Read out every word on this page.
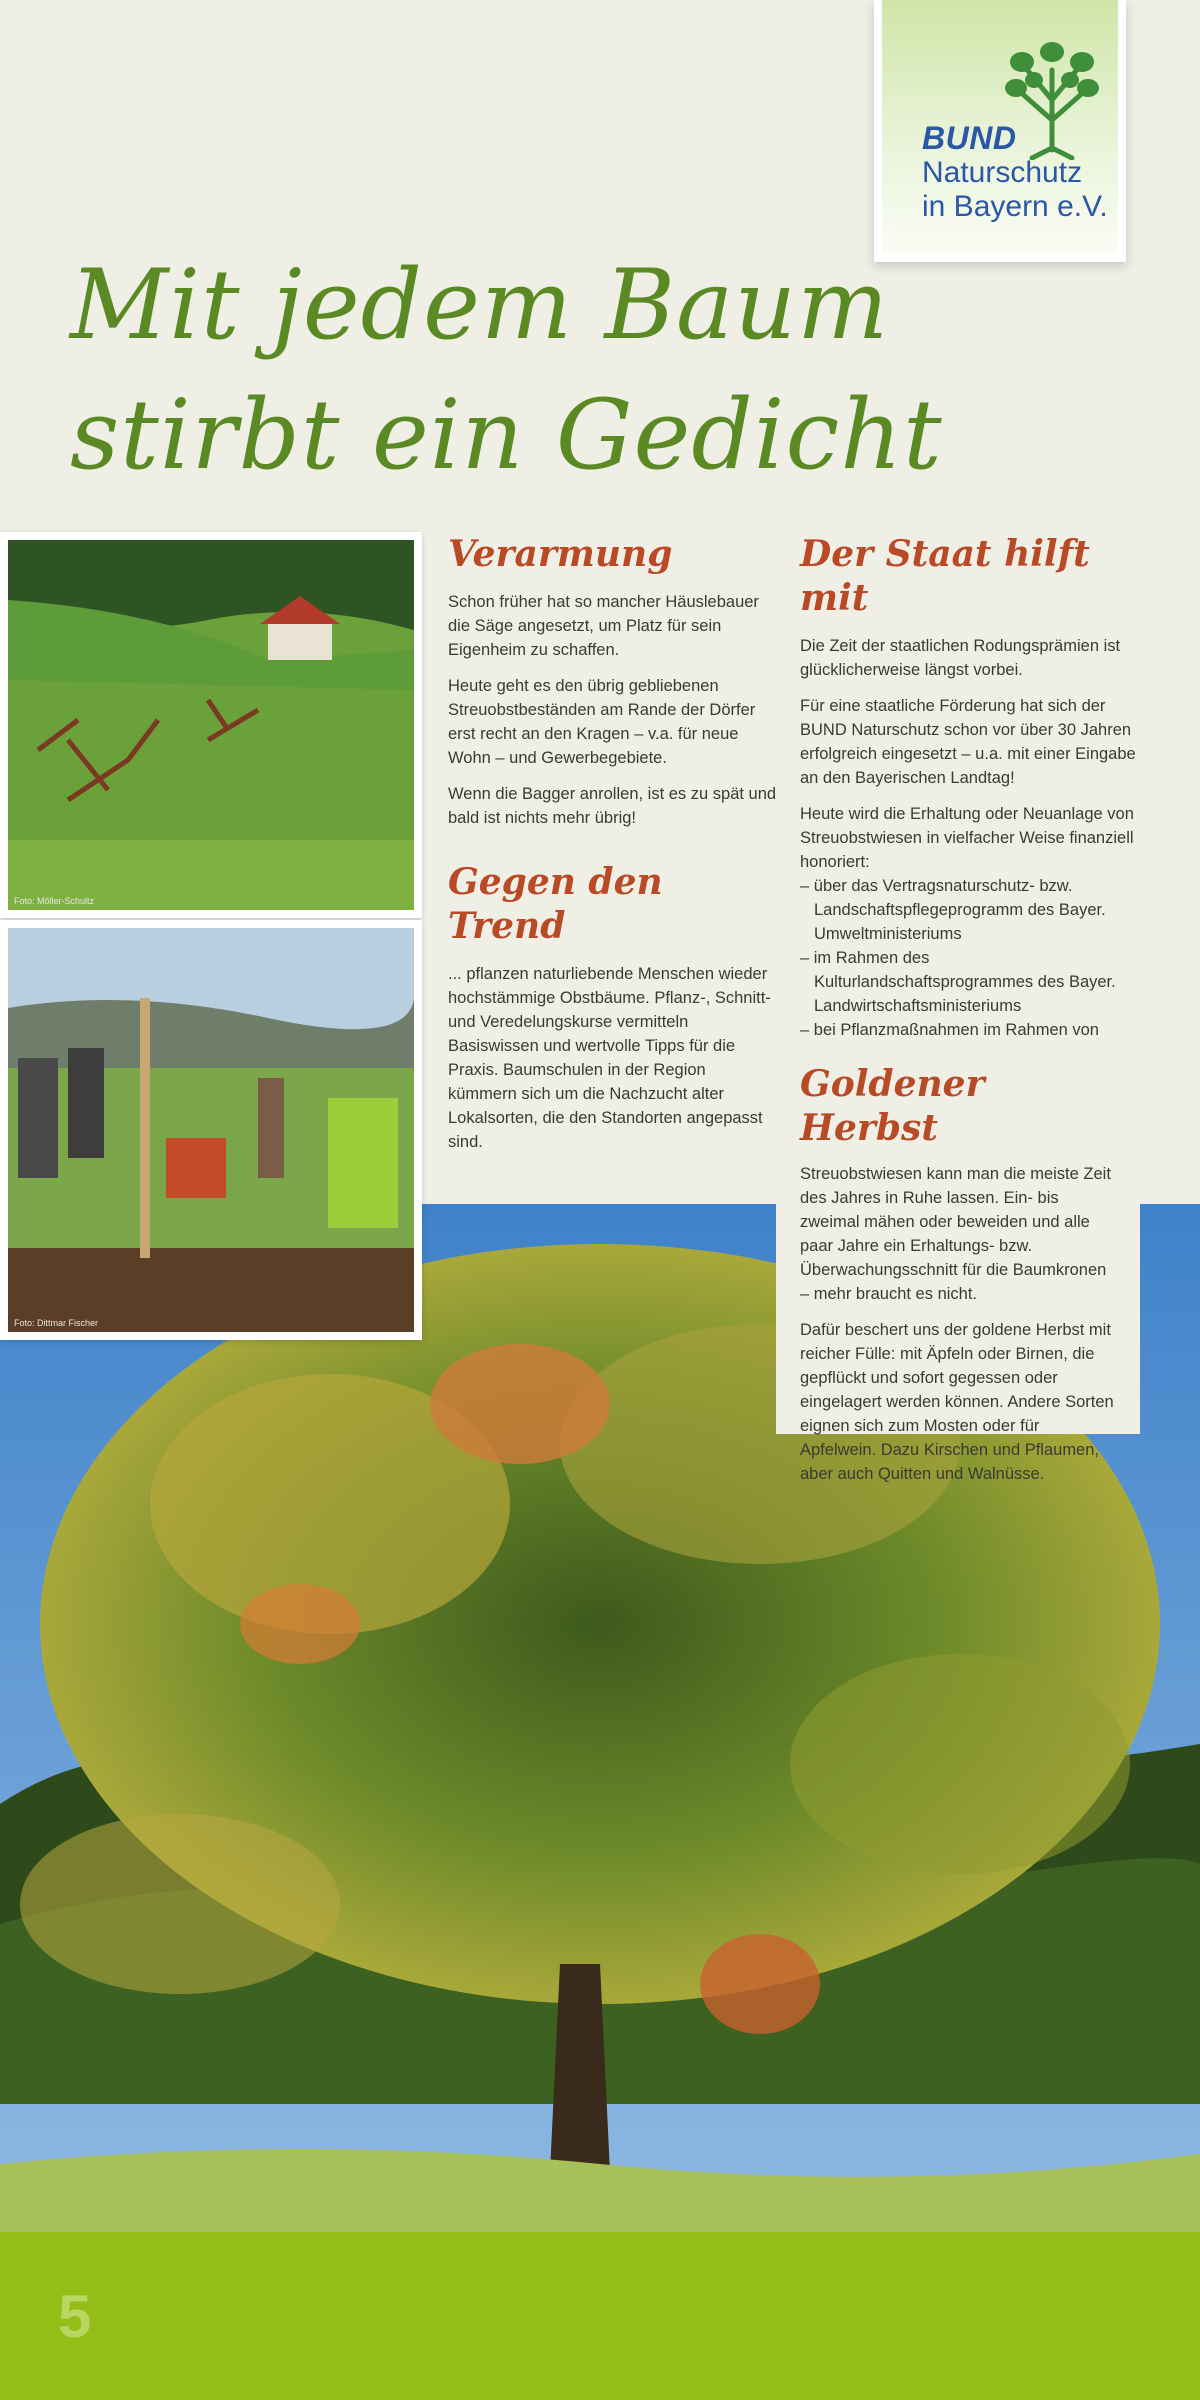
BUND
Naturschutz
in Bayern e.V.
Mit jedem Baum
stirbt ein Gedicht
Foto: Möller-Schultz
Foto: Dittmar Fischer
Verarmung

Schon früher hat so mancher Häuslebauer die Säge angesetzt, um Platz für sein Eigenheim zu schaffen.

Heute geht es den übrig gebliebenen Streuobstbeständen am Rande der Dörfer erst recht an den Kragen – v.a. für neue Wohn – und Gewerbegebiete.

Wenn die Bagger anrollen, ist es zu spät und bald ist nichts mehr übrig!

Gegen den Trend

... pflanzen naturliebende Menschen wieder hochstämmige Obstbäume. Pflanz-, Schnitt- und Veredelungskurse vermitteln Basiswissen und wertvolle Tipps für die Praxis. Baumschulen in der Region kümmern sich um die Nachzucht alter Lokalsorten, die den Standorten angepasst sind.

Der Staat hilft mit

Die Zeit der staatlichen Rodungsprämien ist glücklicherweise längst vorbei.

Für eine staatliche Förderung hat sich der BUND Naturschutz schon vor über 30 Jahren erfolgreich eingesetzt – u.a. mit einer Eingabe an den Bayerischen Landtag!

Heute wird die Erhaltung oder Neuanlage von Streuobstwiesen in vielfacher Weise finanziell honoriert:

– über das Vertragsnaturschutz- bzw. Landschaftspflegeprogramm des Bayer. Umweltministeriums
– im Rahmen des Kulturlandschaftsprogrammes des Bayer. Landwirtschaftsministeriums
– bei Pflanzmaßnahmen im Rahmen von
Goldener Herbst

Streuobstwiesen kann man die meiste Zeit des Jahres in Ruhe lassen. Ein- bis zweimal mähen oder beweiden und alle paar Jahre ein Erhaltungs- bzw. Überwachungsschnitt für die Baumkronen – mehr braucht es nicht.

Dafür beschert uns der goldene Herbst mit reicher Fülle: mit Äpfeln oder Birnen, die gepflückt und sofort gegessen oder eingelagert werden können. Andere Sorten eignen sich zum Mosten oder für Apfelwein. Dazu Kirschen und Pflaumen, aber auch Quitten und Walnüsse.

5
